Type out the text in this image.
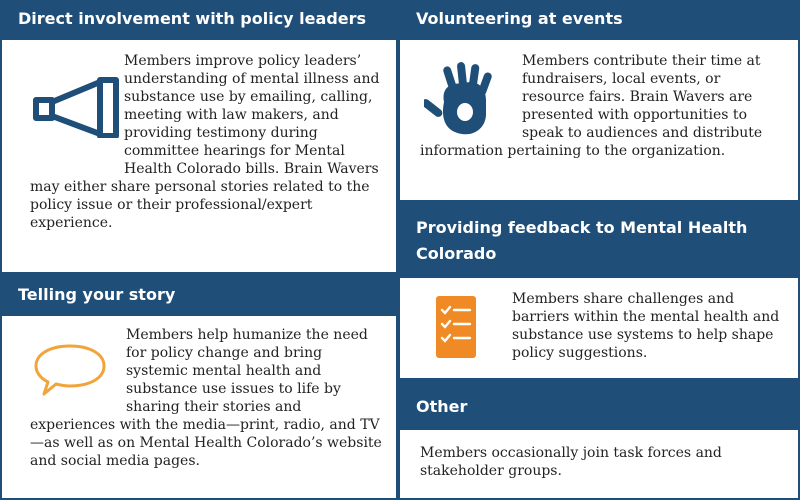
Direct involvement with policy leaders

Members improve policy leaders’ understanding of mental illness and substance use by emailing, calling, meeting with law makers, and providing testimony during committee hearings for Mental Health Colorado bills. Brain Wavers may either share personal stories related to the policy issue or their professional/expert experience.

Telling your story

Members help humanize the need for policy change and bring systemic mental health and substance use issues to life by sharing their stories and experiences with the media—print, radio, and TV—as well as on Mental Health Colorado’s website and social media pages.

Volunteering at events

Members contribute their time at fundraisers, local events, or resource fairs. Brain Wavers are presented with opportunities to speak to audiences and distribute information pertaining to the organization.

Providing feedback to Mental Health Colorado

Members share challenges and barriers within the mental health and substance use systems to help shape policy suggestions.

Other

Members occasionally join task forces and stakeholder groups.
